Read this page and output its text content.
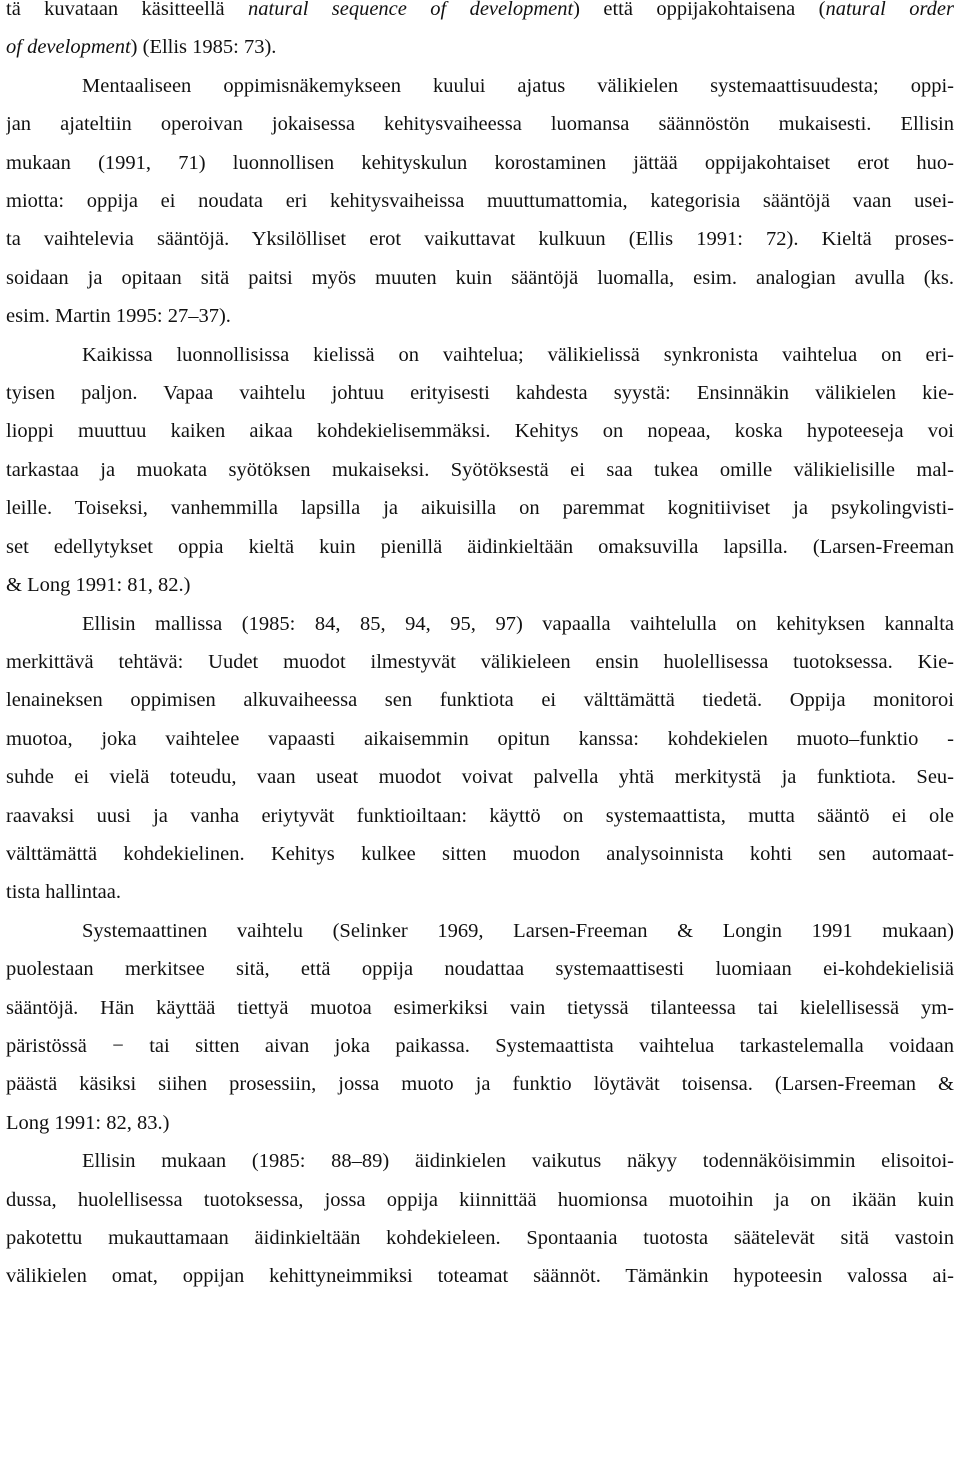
tä kuvataan käsitteellä natural sequence of development) että oppijakohtaisena (natural order
of development) (Ellis 1985: 73).
Mentaaliseen oppimisnäkemykseen kuului ajatus välikielen systemaattisuudesta; oppi-
jan ajateltiin operoivan jokaisessa kehitysvaiheessa luomansa säännöstön mukaisesti. Ellisin
mukaan (1991, 71) luonnollisen kehityskulun korostaminen jättää oppijakohtaiset erot huo-
miotta: oppija ei noudata eri kehitysvaiheissa muuttumattomia, kategorisia sääntöjä vaan usei-
ta vaihtelevia sääntöjä. Yksilölliset erot vaikuttavat kulkuun (Ellis 1991: 72). Kieltä proses-
soidaan ja opitaan sitä paitsi myös muuten kuin sääntöjä luomalla, esim. analogian avulla (ks.
esim. Martin 1995: 27–37).
Kaikissa luonnollisissa kielissä on vaihtelua; välikielissä synkronista vaihtelua on eri-
tyisen paljon. Vapaa vaihtelu johtuu erityisesti kahdesta syystä: Ensinnäkin välikielen kie-
lioppi muuttuu kaiken aikaa kohdekielisemmäksi. Kehitys on nopeaa, koska hypoteeseja voi
tarkastaa ja muokata syötöksen mukaiseksi. Syötöksestä ei saa tukea omille välikielisille mal-
leille. Toiseksi, vanhemmilla lapsilla ja aikuisilla on paremmat kognitiiviset ja psykolingvisti-
set edellytykset oppia kieltä kuin pienillä äidinkieltään omaksuvilla lapsilla. (Larsen-Freeman
& Long 1991: 81, 82.)
Ellisin mallissa (1985: 84, 85, 94, 95, 97) vapaalla vaihtelulla on kehityksen kannalta
merkittävä tehtävä: Uudet muodot ilmestyvät välikieleen ensin huolellisessa tuotoksessa. Kie-
lenaineksen oppimisen alkuvaiheessa sen funktiota ei välttämättä tiedetä. Oppija monitoroi
muotoa, joka vaihtelee vapaasti aikaisemmin opitun kanssa: kohdekielen muoto–funktio -
suhde ei vielä toteudu, vaan useat muodot voivat palvella yhtä merkitystä ja funktiota. Seu-
raavaksi uusi ja vanha eriytyvät funktioiltaan: käyttö on systemaattista, mutta sääntö ei ole
välttämättä kohdekielinen. Kehitys kulkee sitten muodon analysoinnista kohti sen automaat-
tista hallintaa.
Systemaattinen vaihtelu (Selinker 1969, Larsen-Freeman & Longin 1991 mukaan)
puolestaan merkitsee sitä, että oppija noudattaa systemaattisesti luomiaan ei-kohdekielisiä
sääntöjä. Hän käyttää tiettyä muotoa esimerkiksi vain tietyssä tilanteessa tai kielellisessä ym-
päristössä − tai sitten aivan joka paikassa. Systemaattista vaihtelua tarkastelemalla voidaan
päästä käsiksi siihen prosessiin, jossa muoto ja funktio löytävät toisensa. (Larsen-Freeman &
Long 1991: 82, 83.)
Ellisin mukaan (1985: 88–89) äidinkielen vaikutus näkyy todennäköisimmin elisoitoi-
dussa, huolellisessa tuotoksessa, jossa oppija kiinnittää huomionsa muotoihin ja on ikään kuin
pakotettu mukauttamaan äidinkieltään kohdekieleen. Spontaania tuotosta säätelevät sitä vastoin
välikielen omat, oppijan kehittyneimmiksi toteamat säännöt. Tämänkin hypoteesin valossa ai-
